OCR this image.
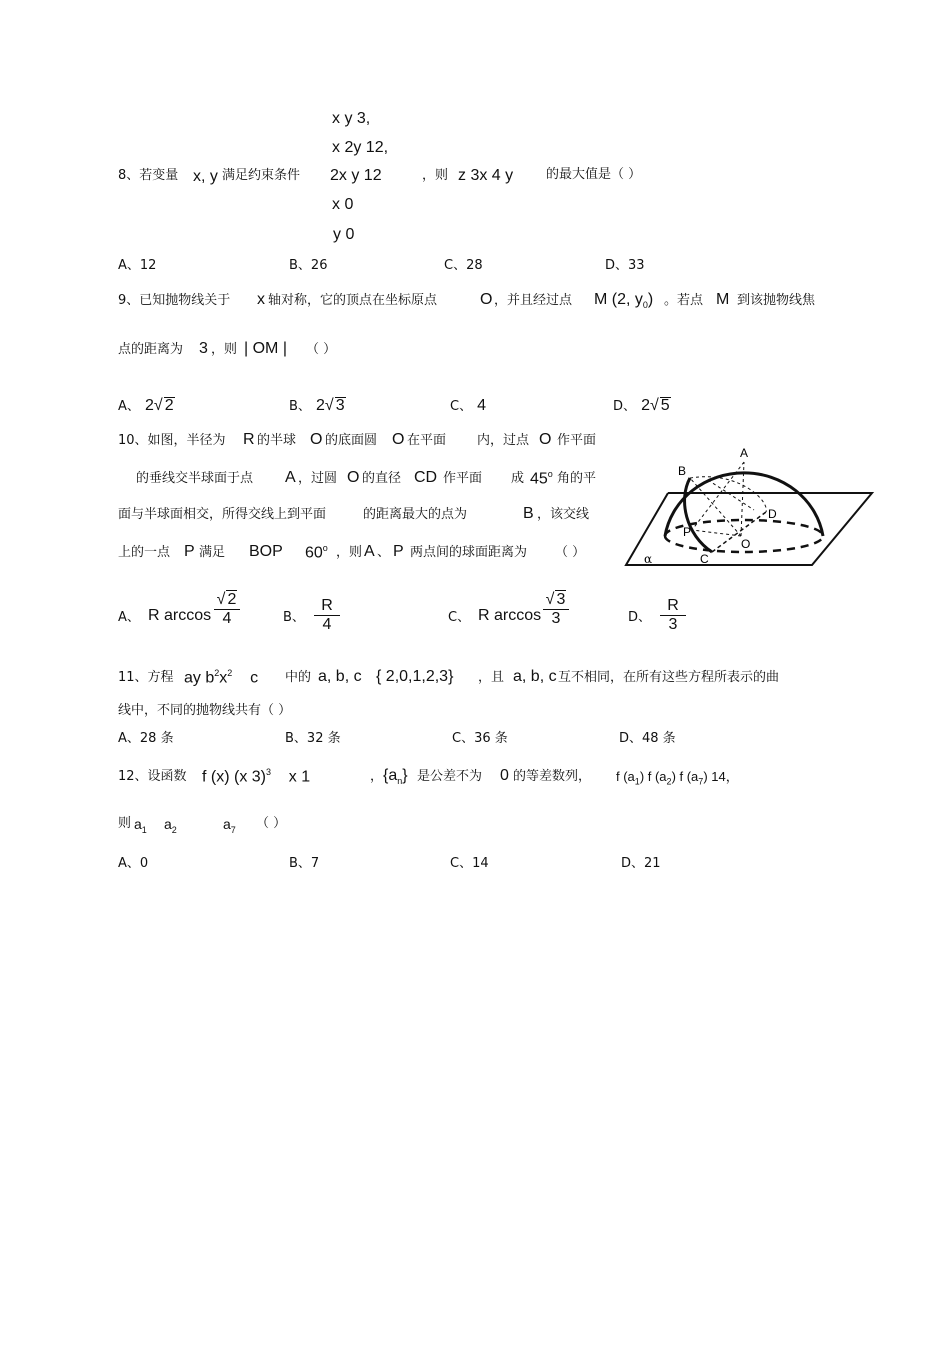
x y 3,
x 2y 12,
2x y 12
x 0
y 0
8、若变量 x, y 满足约束条件	，则 z 3x 4 y	的最大值是（ ）
A、12	B、26	C、28	D、33
9、已知抛物线关于 x 轴对称，它的顶点在坐标原点	O ，并且经过点 M (2, $y_0$) 。若点 M 到该抛物线焦
点的距离为 3 ，则 | OM | （ ）
A、 2√ 2	B、 2√ 3	C、 4	D、 2√ 5
10、如图，半径为 R 的半球 O 的底面圆 O 在平面 内，过点 O 作平面
的垂线交半球面于点 A ，过圆 O 的直径 CD 作平面 成 45$^o$ 角的平
面与半球面相交，所得交线上到平面	的距离最大的点为	B ，该交线
上的一点 P 满足 BOP 60$^o$ ，则 A 、 P 两点间的球面距离为 （ ）
A
B
D
P
O
C
α
A、 R $\arccos \frac{√ 2}{4}$	B、 $\frac{R}{4}$	C、 R $\arccos \frac{√ 3}{3}$	D、 $\frac{R}{3}$
11、方程 ay $b^2x^2$ c 中的 a, b, c { 2,0,1,2,3} ，且 a, b, c 互不相同，在所有这些方程所表示的曲
线中，不同的抛物线共有（ ）
A、28 条	B、32 条	C、36 条	D、48 条
12、设函数 f (x) (x 3)$^3$ x 1	， $\{a_n\}$ 是公差不为 0 的等差数列， f $(a_1)$ f $(a_2)$ f $(a_7)$ 14，
则 $a_1$ $a_2$	$a_7$ （ ）
A、0	B、7	C、14	D、21
